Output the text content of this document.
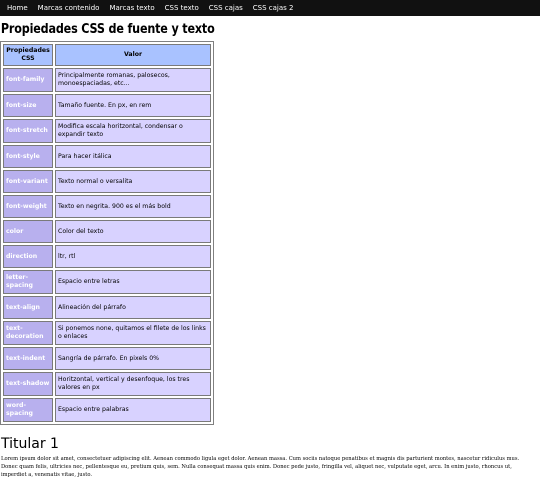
Home	Marcas contenido	Marcas texto	CSS texto	CSS cajas	CSS cajas 2
Propiedades CSS de fuente y texto
Propiedades CSS	Valor
font-family	Principalmente romanas, palosecos, monoespaciadas, etc...
font-size	Tamaño fuente. En px, en rem
font-stretch	Modifica escala horitzontal, condensar o expandir texto
font-style	Para hacer itálica
font-variant	Texto normal o versalita
font-weight	Texto en negrita. 900 es el más bold
color	Color del texto
direction	ltr, rtl
letter-spacing	Espacio entre letras
text-align	Alineación del párrafo
text-decoration	Si ponemos none, quitamos el filete de los links o enlaces
text-indent	Sangría de párrafo. En pixels 0%
text-shadow	Horitzontal, vertical y desenfoque, los tres valores en px
word-spacing	Espacio entre palabras
Titular 1

Lorem ipsum dolor sit amet, consectetuer adipiscing elit. Aenean commodo ligula eget dolor. Aenean massa. Cum sociis natoque penatibus et magnis dis parturient montes, nascetur ridiculus mus. Donec quam felis, ultricies nec, pellentesque eu, pretium quis, sem. Nulla consequat massa quis enim. Donec pede justo, fringilla vel, aliquet nec, vulputate eget, arcu. In enim justo, rhoncus ut, imperdiet a, venenatis vitae, justo.
